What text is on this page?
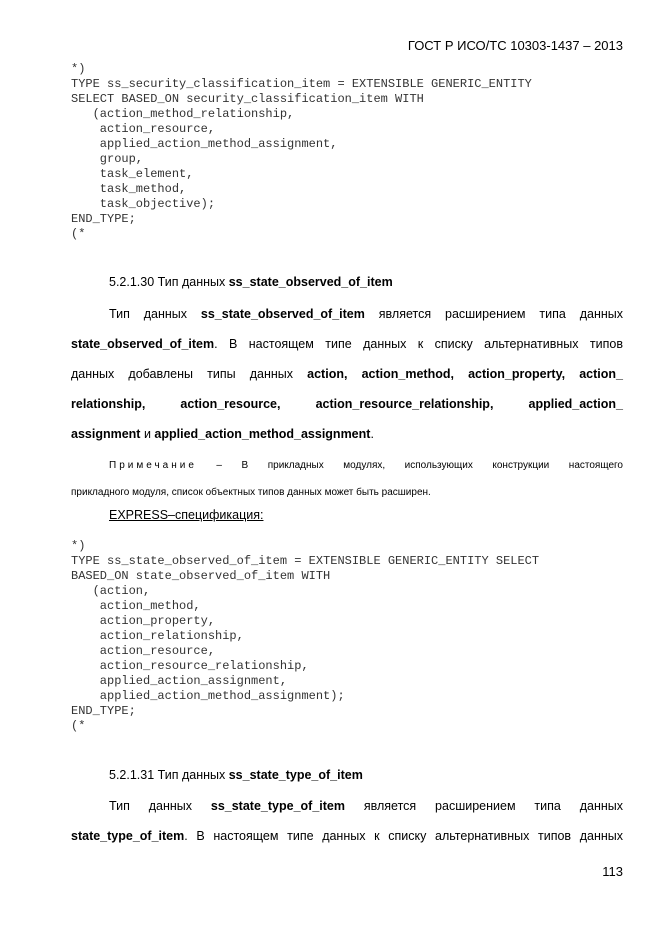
ГОСТ Р ИСО/ТС 10303-1437 – 2013
*)
TYPE ss_security_classification_item = EXTENSIBLE GENERIC_ENTITY
SELECT BASED_ON security_classification_item WITH
(action_method_relationship,
action_resource,
applied_action_method_assignment,
group,
task_element,
task_method,
task_objective);
END_TYPE;
(*
5.2.1.30 Тип данных ss_state_observed_of_item
Тип данных ss_state_observed_of_item является расширением типа данных
state_observed_of_item. В настоящем типе данных к списку альтернативных типов
данных добавлены типы данных action, action_method, action_property, action_
relationship, action_resource, action_resource_relationship, applied_action_
assignment и applied_action_method_assignment.
Примечание – В прикладных модулях, использующих конструкции настоящего
прикладного модуля, список объектных типов данных может быть расширен.
EXPRESS–спецификация:
*)
TYPE ss_state_observed_of_item = EXTENSIBLE GENERIC_ENTITY SELECT
BASED_ON state_observed_of_item WITH
(action,
action_method,
action_property,
action_relationship,
action_resource,
action_resource_relationship,
applied_action_assignment,
applied_action_method_assignment);
END_TYPE;
(*
5.2.1.31 Тип данных ss_state_type_of_item
Тип данных ss_state_type_of_item является расширением типа данных
state_type_of_item. В настоящем типе данных к списку альтернативных типов данных
113
